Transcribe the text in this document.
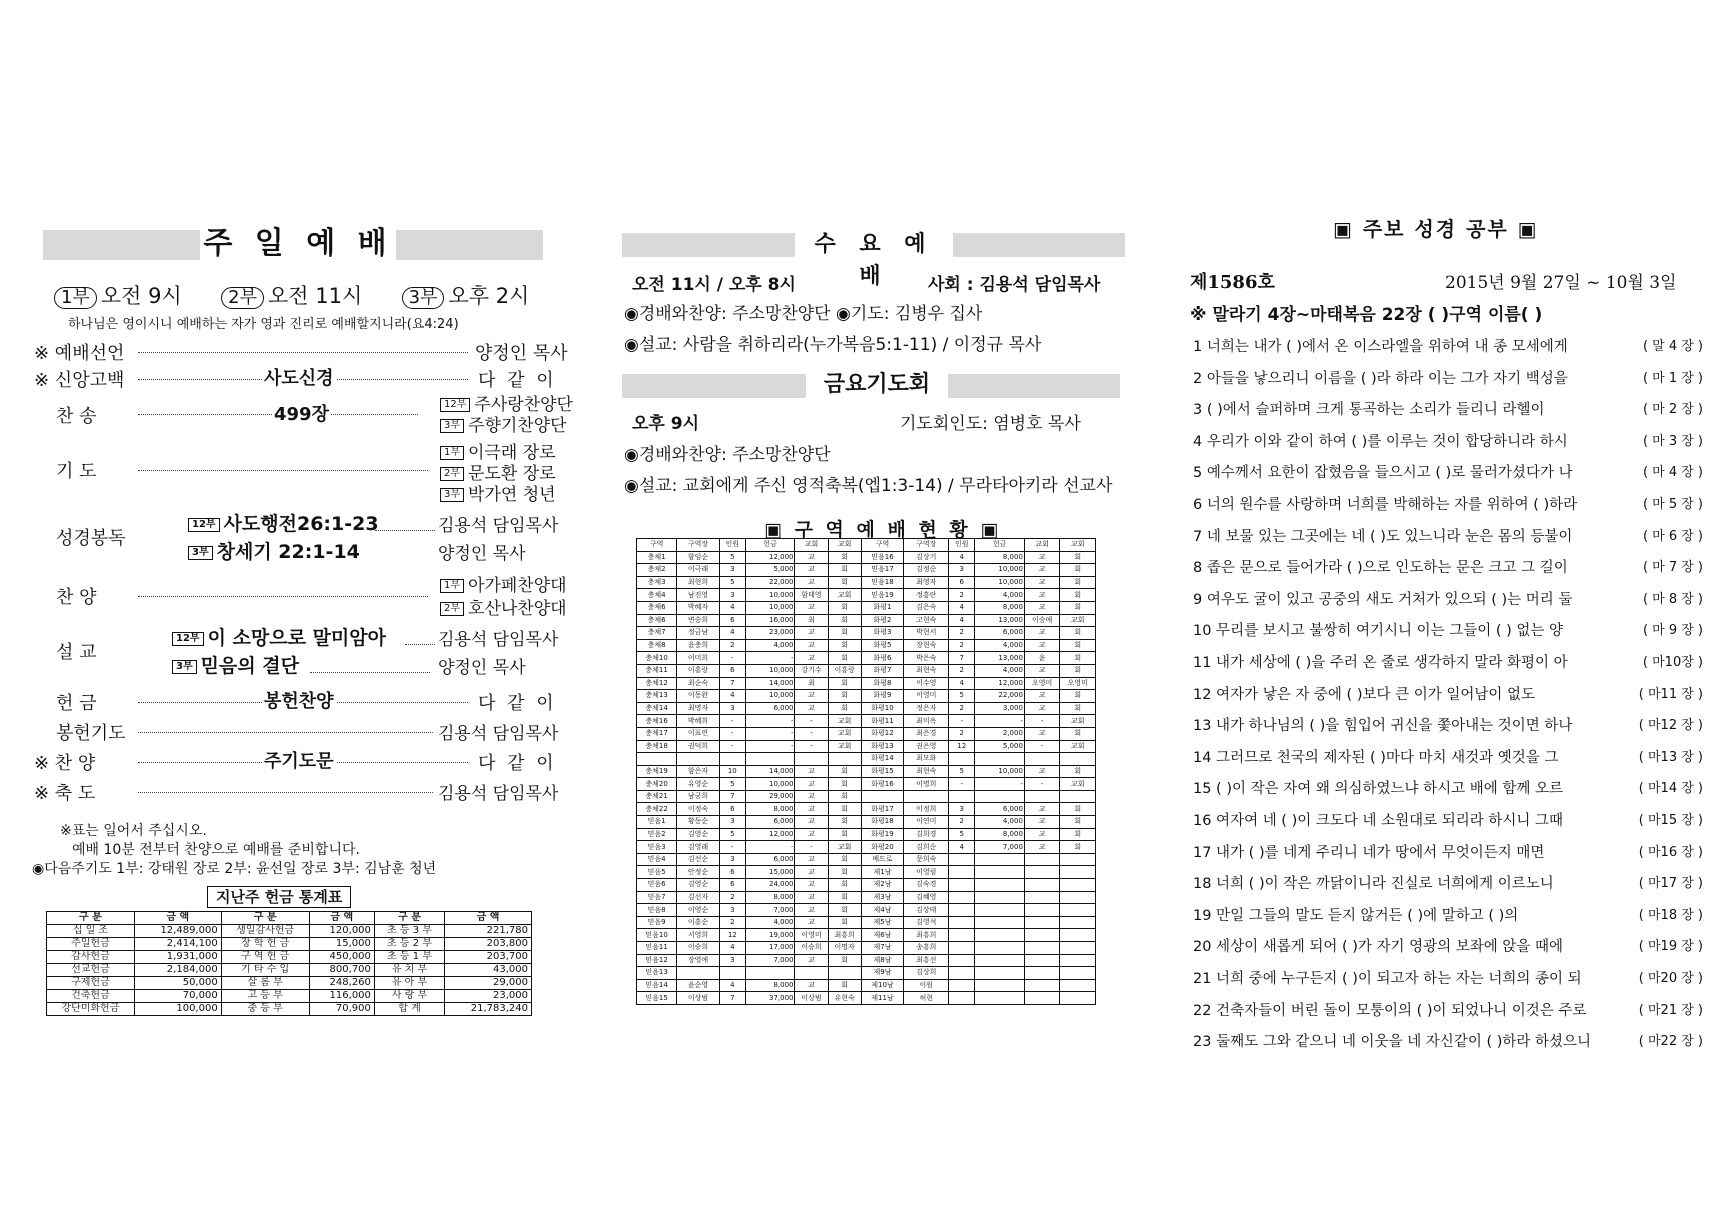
주 일 예 배
1부 오전 9시	2부 오전 11시	3부 오후 2시
하나님은 영이시니 예배하는 자가 영과 진리로 예배할지니라(요4:24)
※ 예배선언	양정인 목사
※ 신앙고백	사도신경	다 같 이
찬 송	499장	12부 주사랑찬양단
3부 주향기찬양단
기 도
1부 이극래 장로
2부 문도환 장로
3부 박가연 청년
성경봉독
12부 사도행전26:1-23	김용석 담임목사
3부 창세기 22:1-14	양정인 목사
찬 양
1부 아가페찬양대
2부 호산나찬양대
설 교
12부 이 소망으로 말미암아	김용석 담임목사
3부 믿음의 결단	양정인 목사
헌 금	봉헌찬양	다 같 이
봉헌기도	김용석 담임목사
※ 찬 양	주기도문	다 같 이
※ 축 도	김용석 담임목사
※표는 일어서 주십시오.
예배 10분 전부터 찬양으로 예배를 준비합니다.
◉다음주기도 1부: 강태원 장로 2부: 윤선일 장로 3부: 김남훈 청년
지난주 헌금 통계표
구 분	금 액	구 분	금 액	구 분	금 액
십 일 조	12,489,000	생일감사헌금	120,000	초 등 3 부	221,780
주일헌금	2,414,100	장 학 헌 금	15,000	초 등 2 부	203,800
감사헌금	1,931,000	구 역 헌 금	450,000	초 등 1 부	203,700
선교헌금	2,184,000	기 타 수 입	800,700	유 치 부	43,000
구제헌금	50,000	살 롬 부	248,260	유 아 부	29,000
건축헌금	70,000	고 등 부	116,000	사 랑 부	23,000
강단미화헌금	100,000	중 등 부	70,900	합 계	21,783,240
수 요 예 배
오전 11시 / 오후 8시	사회 : 김용석 담임목사
◉경배와찬양: 주소망찬양단 ◉기도: 김병우 집사
◉설교: 사람을 취하리라(누가복음5:1-11) / 이정규 목사
금요기도회
오후 9시	기도회인도: 염병호 목사
◉경배와찬양: 주소망찬양단
◉설교: 교회에게 주신 영적축복(엡1:3-14) / 무라타아키라 선교사
▣ 구 역 예 배 현 황 ▣
구역	구역장	인원	헌금	교회	교회	구역	구역장	인원	헌금	교회	교회
충체1	함임순	5	12,000	교	회	믿음16	김상기	4	8,000	교	회
충체2	이극래	3	5,000	교	회	믿음17	김정순	3	10,000	교	회
충체3	최현희	5	22,000	교	회	믿음18	최영자	6	10,000	교	회
충체4	남진영	3	10,000	함태영	교회	믿음19	정흥란	2	4,000	교	회
충체6	박혜자	4	10,000	교	회	화평1	김은숙	4	8,000	교	회
충체6	변승희	6	16,000	최	회	화평2	고현숙	4	13,000	이승애	교회
충체7	정금남	4	23,000	교	회	화평3	박현서	2	6,000	교	회
충체8	윤충희	2	4,000	교	회	화평5	장현숙	2	4,000	교	회
충체10	이미희	-	-	교	회	화평6	박은숙	7	13,000	윤	회
충체11	이흥랑	6	10,000	강기수	이흥랑	화평7	최현숙	2	4,000	교	회
충체12	최순숙	7	14,000	최	회	화평8	이수영	4	12,000	오영미	오영미
충체13	이동완	4	10,000	교	회	화평9	이영미	5	22,000	교	회
충체14	최명자	3	6,000	교	회	화평10	정은자	2	3,000	교	회
충체16	박혜희	-	-	-	교회	화평11	최미옥	-	-	-	교회
충체17	이표연	-	-	-	교회	화평12	최은경	2	2,000	교	회
충체18	권덕희	-	-	-	교회	화평13	권은영	12	5,000	-	교회
						화평14	최모화				
충체19	함은자	10	14,000	교	회	화평15	최현숙	5	10,000	교	회
충체20	유영순	5	10,000	교	회	화평16	이명희	-	-	-	교회
충체21	남궁희	7	29,000	교	회						
충체22	이정숙	6	8,000	교	회	화평17	이정희	3	6,000	교	회
믿음1	황동순	3	6,000	교	회	화평18	이연미	2	4,000	교	회
믿음2	김영순	5	12,000	교	회	화평19	김희경	5	8,000	교	회
믿음3	김영래	-	-	-	교회	화평20	김희순	4	7,000	교	회
믿음4	김선순	3	6,000	교	회	베드로	문희숙				
믿음5	안정순	6	15,000	교	회	제1남	이영림				
믿음6	김영순	6	24,000	교	회	제2남	김숙경				
믿음7	김선자	2	8,000	교	회	제3남	김혜영				
믿음8	이영순	3	7,000	교	회	제4남	김상태				
믿음9	이흥순	2	4,000	교	회	제5남	김영석				
믿음10	서영희	12	19,000	이영미	최흥희	제6남	최흥희				
믿음11	이승희	4	17,000	이승희	이명자	제7남	송흥희				
믿음12	장영애	3	7,000	교	회	제8남	최흥선				
믿음13						제9남	김상희				
믿음14	윤순영	4	8,000	교	회	제10남	이원				
믿음15	이상범	7	37,000	이상범	유현숙	제11남	허현				
▣ 주보 성경 공부 ▣
제1586호	2015년 9월 27일 ~ 10월 3일
※ 말라기 4장~마태복음 22장 ( )구역 이름( )
1 너희는 내가 ( )에서 온 이스라엘을 위하여 내 종 모세에게	( 말 4 장 )
2 아들을 낳으리니 이름을 ( )라 하라 이는 그가 자기 백성을	( 마 1 장 )
3 ( )에서 슬퍼하며 크게 통곡하는 소리가 들리니 라헬이	( 마 2 장 )
4 우리가 이와 같이 하여 ( )를 이루는 것이 합당하니라 하시	( 마 3 장 )
5 예수께서 요한이 잡혔음을 들으시고 ( )로 물러가셨다가 나	( 마 4 장 )
6 너의 원수를 사랑하며 너희를 박해하는 자를 위하여 ( )하라	( 마 5 장 )
7 네 보물 있는 그곳에는 네 ( )도 있느니라 눈은 몸의 등불이	( 마 6 장 )
8 좁은 문으로 들어가라 ( )으로 인도하는 문은 크고 그 길이	( 마 7 장 )
9 여우도 굴이 있고 공중의 새도 거처가 있으되 ( )는 머리 둘	( 마 8 장 )
10 무리를 보시고 불쌍히 여기시니 이는 그들이 ( ) 없는 양	( 마 9 장 )
11 내가 세상에 ( )을 주러 온 줄로 생각하지 말라 화평이 아	( 마10장 )
12 여자가 낳은 자 중에 ( )보다 큰 이가 일어남이 없도	( 마11 장 )
13 내가 하나님의 ( )을 힘입어 귀신을 쫓아내는 것이면 하나	( 마12 장 )
14 그러므로 천국의 제자된 ( )마다 마치 새것과 옛것을 그	( 마13 장 )
15 ( )이 작은 자여 왜 의심하였느냐 하시고 배에 함께 오르	( 마14 장 )
16 여자여 네 ( )이 크도다 네 소원대로 되리라 하시니 그때	( 마15 장 )
17 내가 ( )를 네게 주리니 네가 땅에서 무엇이든지 매면	( 마16 장 )
18 너희 ( )이 작은 까닭이니라 진실로 너희에게 이르노니	( 마17 장 )
19 만일 그들의 말도 듣지 않거든 ( )에 말하고 ( )의	( 마18 장 )
20 세상이 새롭게 되어 ( )가 자기 영광의 보좌에 앉을 때에	( 마19 장 )
21 너희 중에 누구든지 ( )이 되고자 하는 자는 너희의 종이 되	( 마20 장 )
22 건축자들이 버린 돌이 모퉁이의 ( )이 되었나니 이것은 주로	( 마21 장 )
23 둘째도 그와 같으니 네 이웃을 네 자신같이 ( )하라 하셨으니	( 마22 장 )
